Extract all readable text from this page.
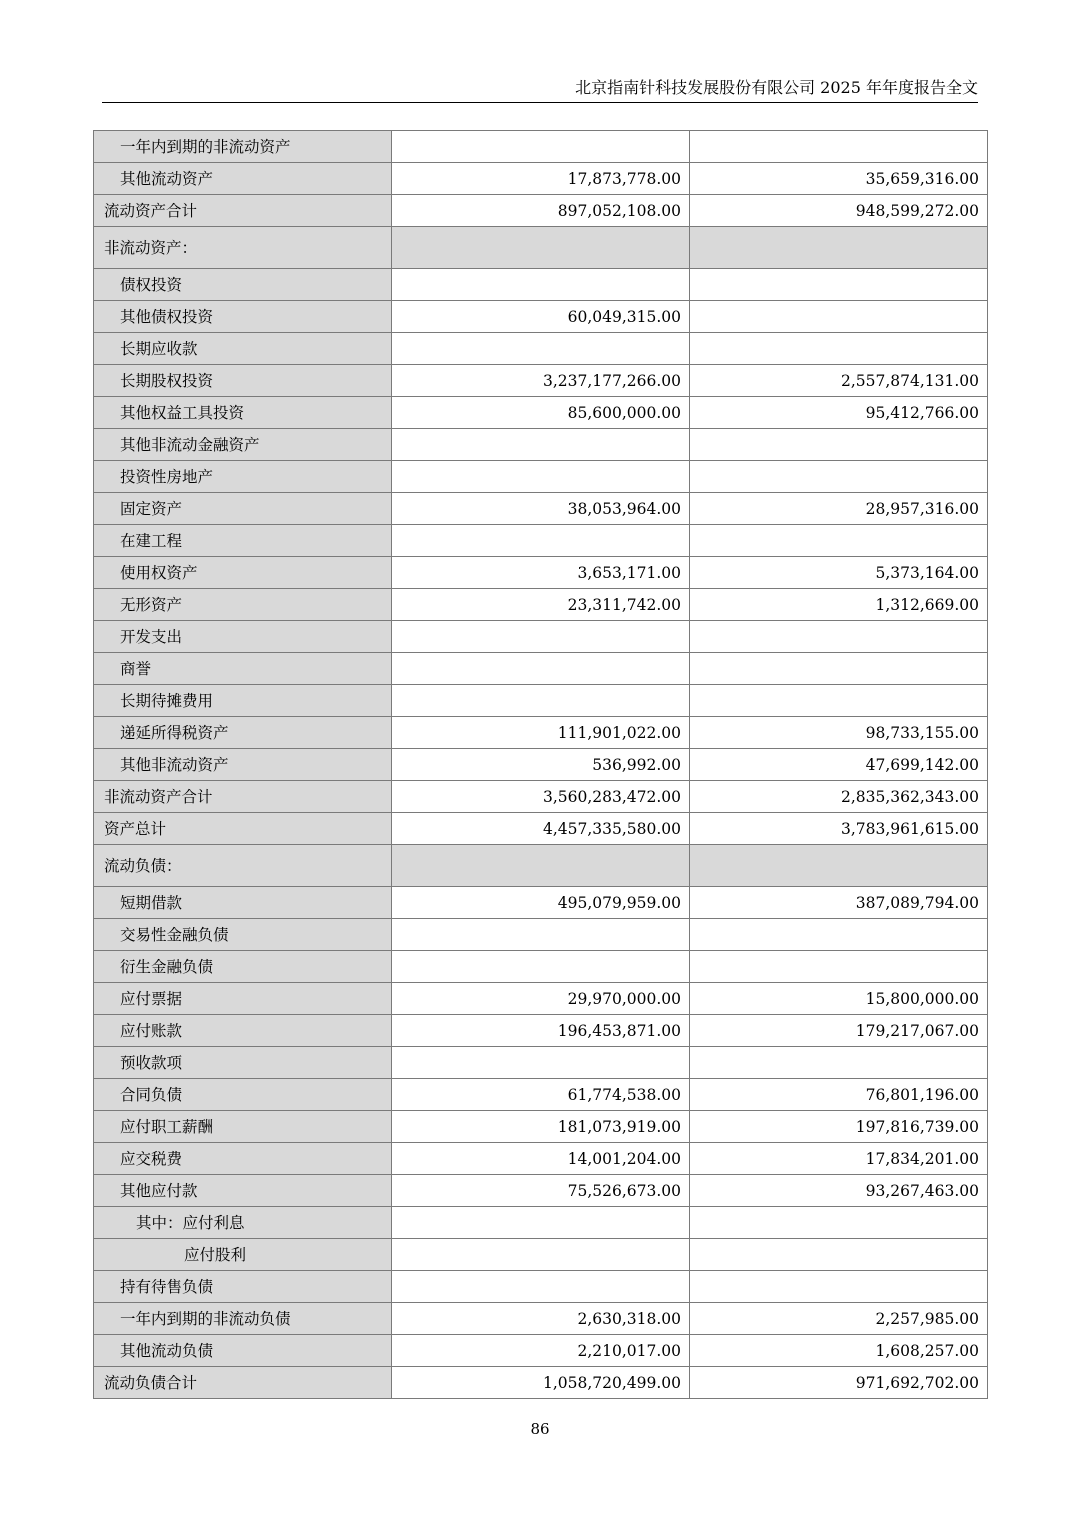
北京指南针科技发展股份有限公司 2025 年年度报告全文
一年内到期的非流动资产		
其他流动资产	17,873,778.00	35,659,316.00
流动资产合计	897,052,108.00	948,599,272.00
非流动资产：		
债权投资		
其他债权投资	60,049,315.00	
长期应收款		
长期股权投资	3,237,177,266.00	2,557,874,131.00
其他权益工具投资	85,600,000.00	95,412,766.00
其他非流动金融资产		
投资性房地产		
固定资产	38,053,964.00	28,957,316.00
在建工程		
使用权资产	3,653,171.00	5,373,164.00
无形资产	23,311,742.00	1,312,669.00
开发支出		
商誉		
长期待摊费用		
递延所得税资产	111,901,022.00	98,733,155.00
其他非流动资产	536,992.00	47,699,142.00
非流动资产合计	3,560,283,472.00	2,835,362,343.00
资产总计	4,457,335,580.00	3,783,961,615.00
流动负债：		
短期借款	495,079,959.00	387,089,794.00
交易性金融负债		
衍生金融负债		
应付票据	29,970,000.00	15,800,000.00
应付账款	196,453,871.00	179,217,067.00
预收款项		
合同负债	61,774,538.00	76,801,196.00
应付职工薪酬	181,073,919.00	197,816,739.00
应交税费	14,001,204.00	17,834,201.00
其他应付款	75,526,673.00	93,267,463.00
其中：应付利息		
应付股利		
持有待售负债		
一年内到期的非流动负债	2,630,318.00	2,257,985.00
其他流动负债	2,210,017.00	1,608,257.00
流动负债合计	1,058,720,499.00	971,692,702.00
86
